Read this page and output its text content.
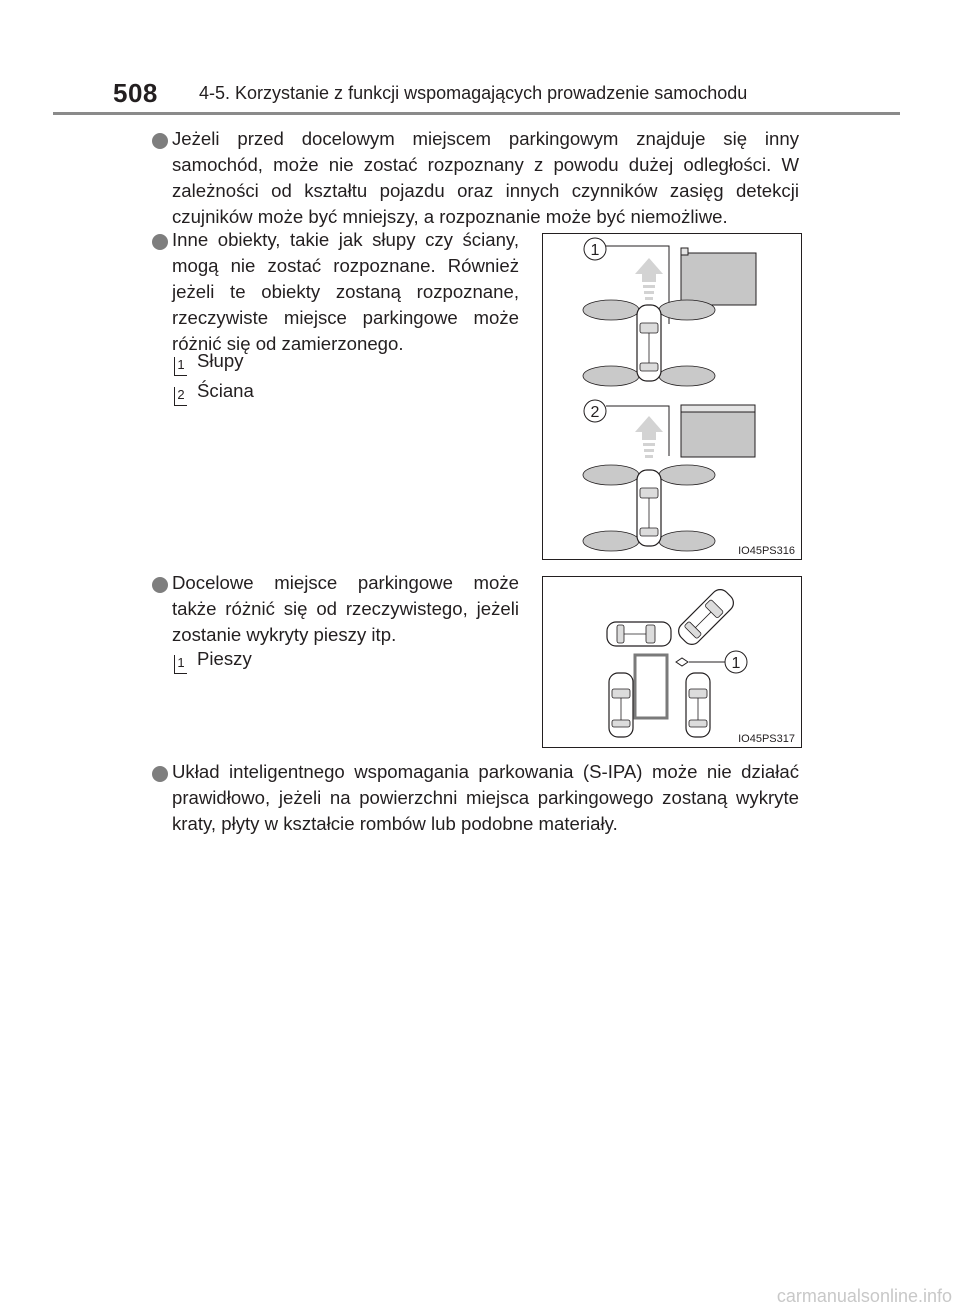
508 4-5. Korzystanie z funkcji wspomagających prowadzenie samochodu
Jeżeli przed docelowym miejscem parkingowym znajduje się inny samochód, może nie zostać rozpoznany z powodu dużej odległości. W zależności od kształtu pojazdu oraz innych czynników zasięg detekcji czujników może być mniejszy, a rozpoznanie może być niemożliwe.
Inne obiekty, takie jak słupy czy ściany, mogą nie zostać rozpoznane. Również jeżeli te obiekty zostaną rozpoznane, rzeczywiste miejsce parkingowe może różnić się od zamierzonego.
1 Słupy
2 Ściana
1
2
IO45PS316
Docelowe miejsce parkingowe może także różnić się od rzeczywistego, jeżeli zostanie wykryty pieszy itp.
1 Pieszy	1
IO45PS317
Układ inteligentnego wspomagania parkowania (S-IPA) może nie działać prawidłowo, jeżeli na powierzchni miejsca parkingowego zostaną wykryte kraty, płyty w kształcie rombów lub podobne materiały.
carmanualsonline.info
